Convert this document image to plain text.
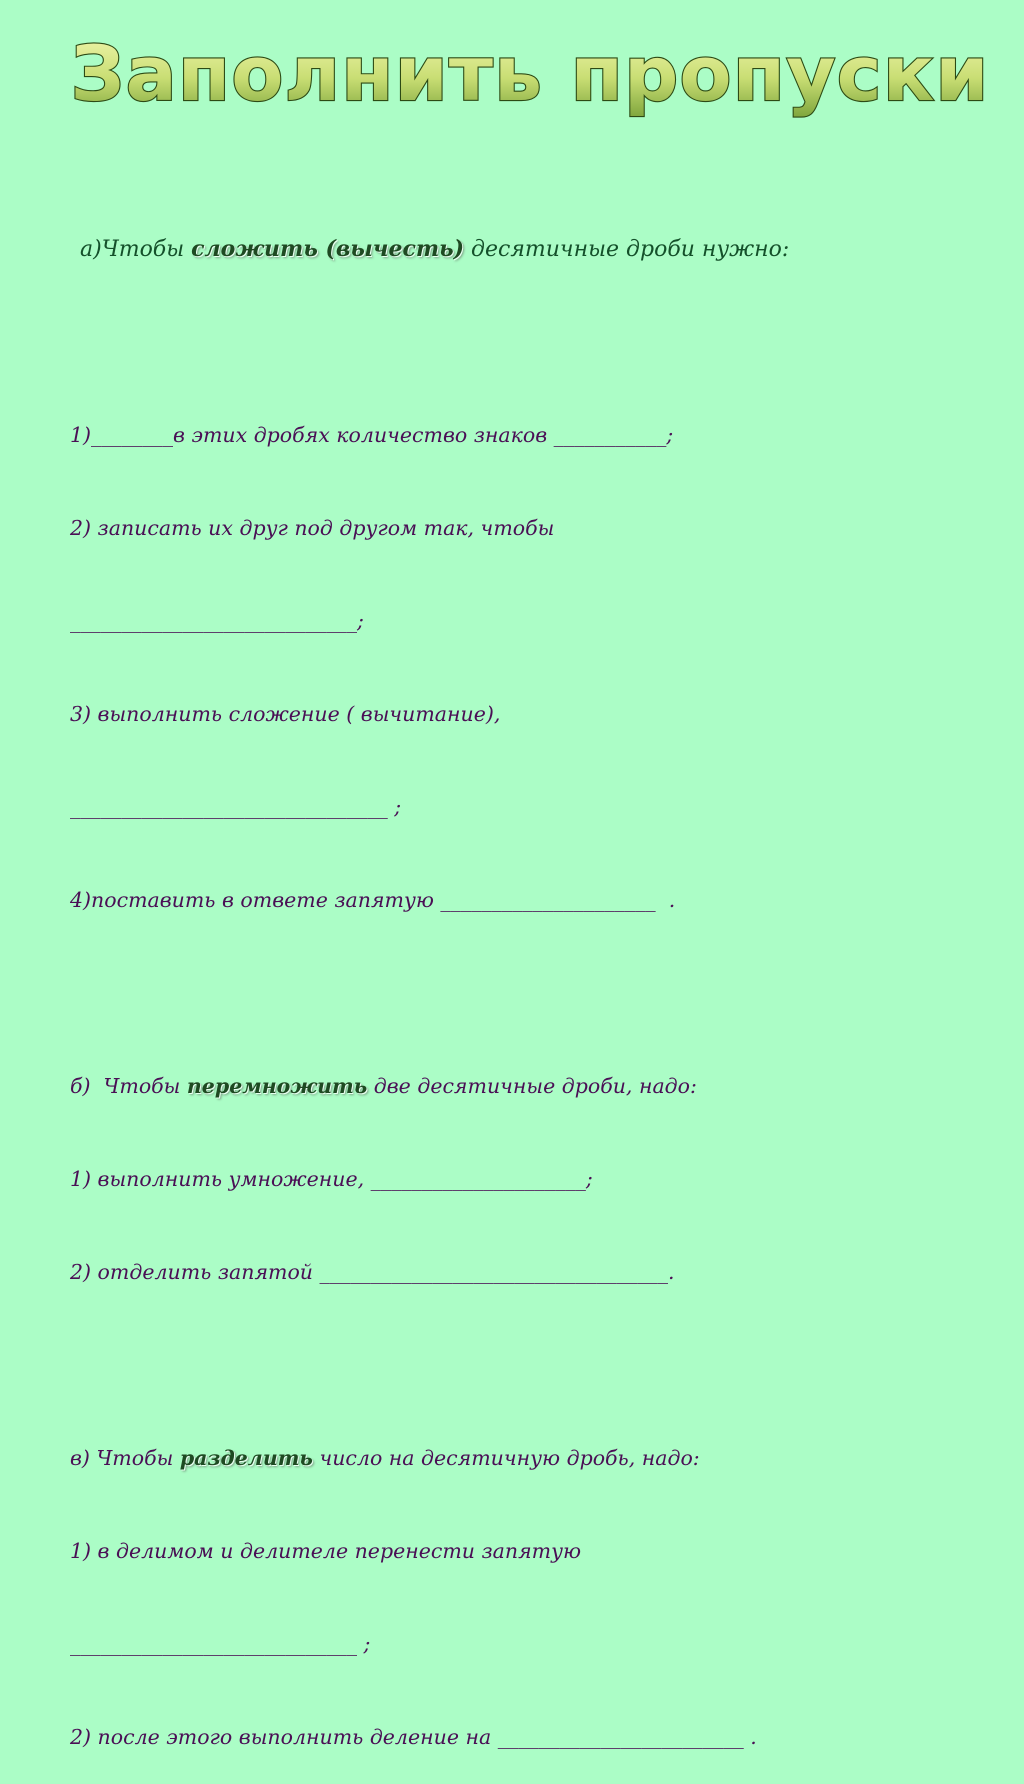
Заполнить пропуски

а)Чтобы сложить (вычесть) десятичные дроби нужно:

1)________в этих дробях количество знаков ___________;

2) записать их друг под другом так, чтобы

____________________________;

3) выполнить сложение ( вычитание),

_______________________________ ;

4)поставить в ответе запятую _____________________  .

б)  Чтобы перемножить две десятичные дроби, надо:

1) выполнить умножение, _____________________;

2) отделить запятой __________________________________.

в) Чтобы разделить число на десятичную дробь, надо:

1) в делимом и делителе перенести запятую

____________________________ ;

2) после этого выполнить деление на ________________________ .
